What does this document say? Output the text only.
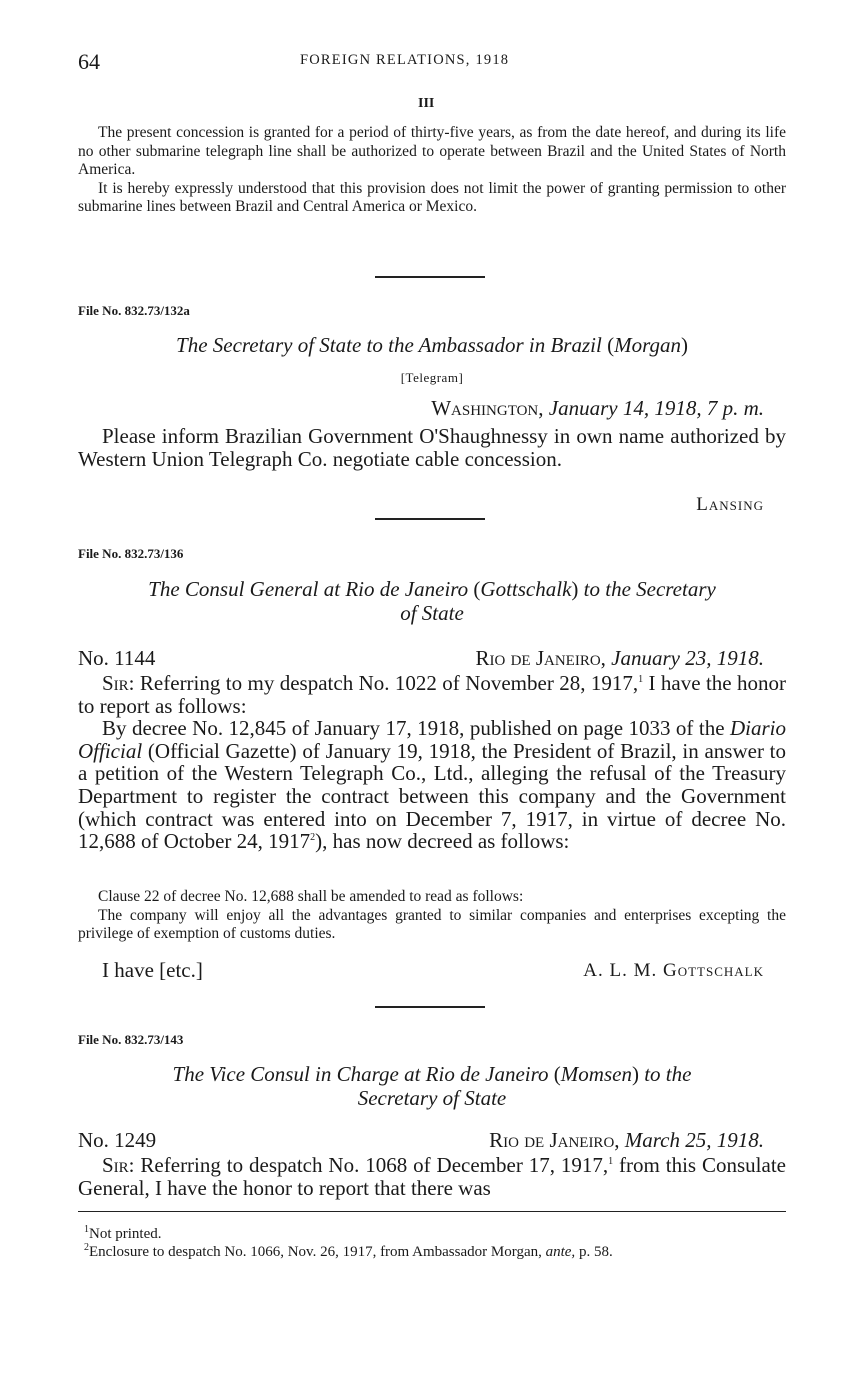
64	FOREIGN RELATIONS, 1918
III

The present concession is granted for a period of thirty-five years, as from the date hereof, and during its life no other submarine telegraph line shall be authorized to operate between Brazil and the United States of North America.

It is hereby expressly understood that this provision does not limit the power of granting permission to other submarine lines between Brazil and Central America or Mexico.

File No. 832.73/132a
The Secretary of State to the Ambassador in Brazil (Morgan)
[Telegram]
Washington, January 14, 1918, 7 p. m.

Please inform Brazilian Government O'Shaughnessy in own name authorized by Western Union Telegraph Co. negotiate cable concession.

Lansing
File No. 832.73/136
The Consul General at Rio de Janeiro (Gottschalk) to the Secretary
of State
No. 1144	Rio de Janeiro, January 23, 1918.

Sir: Referring to my despatch No. 1022 of November 28, 1917,$^1$ I have the honor to report as follows:

By decree No. 12,845 of January 17, 1918, published on page 1033 of the Diario Official (Official Gazette) of January 19, 1918, the President of Brazil, in answer to a petition of the Western Telegraph Co., Ltd., alleging the refusal of the Treasury Department to register the contract between this company and the Government (which contract was entered into on December 7, 1917, in virtue of decree No. 12,688 of October 24, 1917$^2$), has now decreed as follows:

Clause 22 of decree No. 12,688 shall be amended to read as follows:

The company will enjoy all the advantages granted to similar companies and enterprises excepting the privilege of exemption of customs duties.

I have [etc.]	A. L. M. Gottschalk
File No. 832.73/143
The Vice Consul in Charge at Rio de Janeiro (Momsen) to the
Secretary of State
No. 1249	Rio de Janeiro, March 25, 1918.

Sir: Referring to despatch No. 1068 of December 17, 1917,$^1$ from this Consulate General, I have the honor to report that there was

$^1$Not printed.

$^2$Enclosure to despatch No. 1066, Nov. 26, 1917, from Ambassador Morgan, ante, p. 58.
